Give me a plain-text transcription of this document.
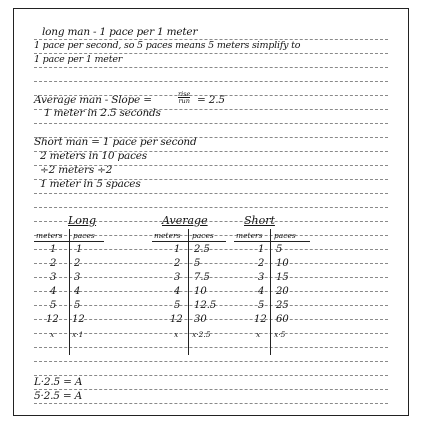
long man - 1 pace per 1 meter
1 pace per second, so 5 paces means 5 meters simplify to
1 pace per 1 meter
Average man - Slope =	rise
run = 2.5
1 meter in 2.5 seconds
Short man = 1 pace per second
2 meters in 10 paces
÷2 meters ÷2
1 meter in 5 spaces
Long	Average	Short
meters paces
1 1
2 2
3 3
4 4
5 5
12 12
x x·1
meters paces
1 2.5
2 5
3 7.5
4 10
5 12.5
12 30
x x·2.5
meters paces
1 5
2 10
3 15
4 20
5 25
12 60
x x·5
L·2.5 = A
5·2.5 = A
